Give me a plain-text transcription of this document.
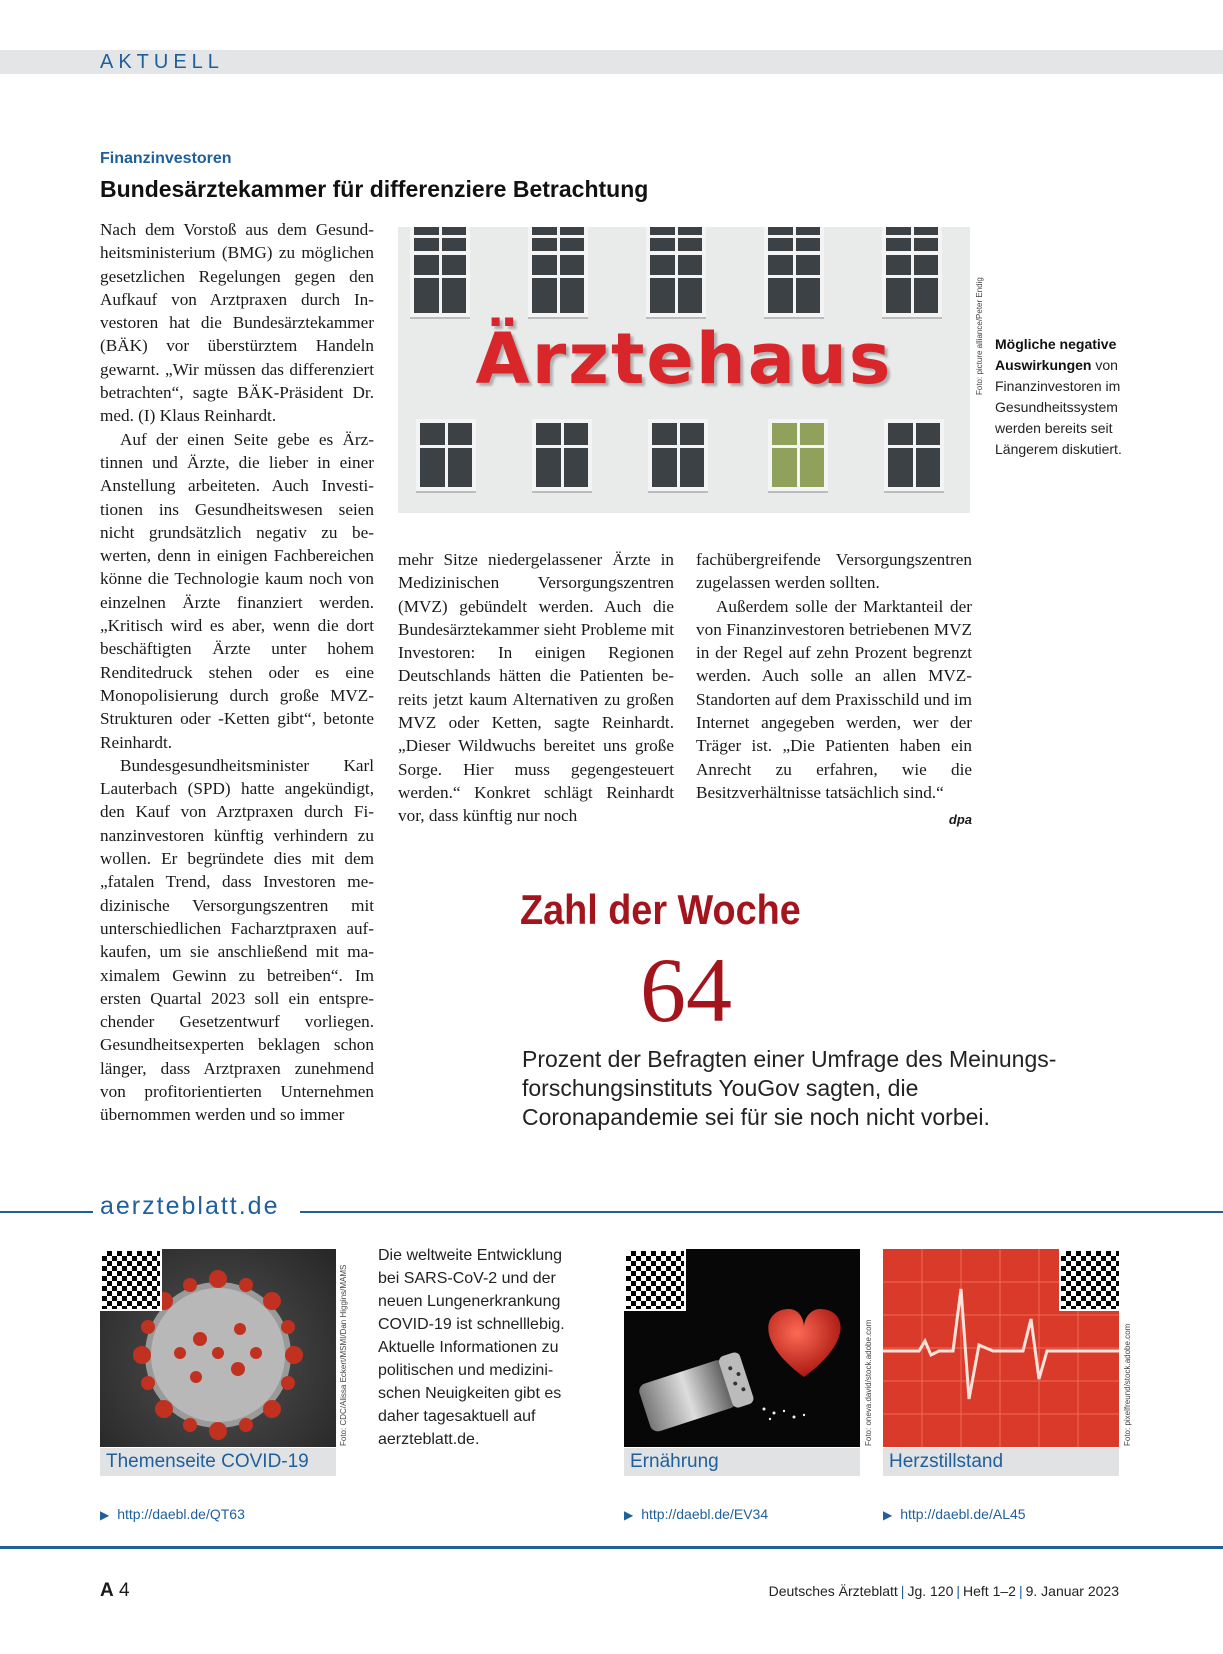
AKTUELL
Finanzinvestoren
Bundesärztekammer für differenziere Betrachtung

Nach dem Vorstoß aus dem Gesundheitsministerium (BMG) zu möglichen gesetzlichen Regelungen gegen den Aufkauf von Arztpraxen durch Investoren hat die Bundesärztekammer (BÄK) vor überstürztem Handeln gewarnt. „Wir müssen das differenziert betrachten“, sagte BÄK-Präsident Dr. med. (I) Klaus Reinhardt.

Auf der einen Seite gebe es Ärztinnen und Ärzte, die lieber in einer Anstellung arbeiteten. Auch Investitionen ins Gesundheitswesen seien nicht grundsätzlich negativ zu bewerten, denn in einigen Fachbereichen könne die Technologie kaum noch von einzelnen Ärzte finanziert werden. „Kritisch wird es aber, wenn die dort beschäftigten Ärzte unter hohem Renditedruck stehen oder es eine Monopolisierung durch große MVZ-Strukturen oder -Ketten gibt“, betonte Reinhardt.

Bundesgesundheitsminister Karl Lauterbach (SPD) hatte angekündigt, den Kauf von Arztpraxen durch Finanzinvestoren künftig verhindern zu wollen. Er begründete dies mit dem „fatalen Trend, dass Investoren medizinische Versorgungszentren mit unterschiedlichen Facharztpraxen aufkaufen, um sie anschließend mit maximalem Gewinn zu betreiben“. Im ersten Quartal 2023 soll ein entsprechender Gesetzentwurf vorliegen. Gesundheitsexperten beklagen schon länger, dass Arztpraxen zunehmend von profitorientierten Unternehmen übernommen werden und so immer

Ärztehaus	Foto: picture alliance/Peter Endig Mögliche negative Auswirkungen von Finanzinvestoren im Gesundheitssystem werden bereits seit Längerem diskutiert.

mehr Sitze niedergelassener Ärzte in Medizinischen Versorgungszentren (MVZ) gebündelt werden. Auch die Bundesärztekammer sieht Probleme mit Investoren: In einigen Regionen Deutschlands hätten die Patienten bereits jetzt kaum Alternativen zu großen MVZ oder Ketten, sagte Reinhardt. „Dieser Wildwuchs bereitet uns große Sorge. Hier muss gegengesteuert werden.“ Konkret schlägt Reinhardt vor, dass künftig nur noch

fachübergreifende Versorgungszentren zugelassen werden sollten.

Außerdem solle der Marktanteil der von Finanzinvestoren betriebenen MVZ in der Regel auf zehn Prozent begrenzt werden. Auch solle an allen MVZ-Standorten auf dem Praxisschild und im Internet angegeben werden, wer der Träger ist. „Die Patienten haben ein Anrecht zu erfahren, wie die Besitzverhältnisse tatsächlich sind.“
dpa

Zahl der Woche
64
Prozent der Befragten einer Umfrage des Meinungsforschungsinstituts YouGov sagten, die Coronapandemie sei für sie noch nicht vorbei.
aerzteblatt.de
Foto: CDC/Alissa Eckert/MSMI/Dan Higgins/MAMS
Themenseite COVID-19
▶ http://daebl.de/QT63
Die weltweite Entwicklung bei SARS-CoV-2 und der neuen Lungenerkrankung COVID-19 ist schnelllebig. Aktuelle Informationen zu politischen und medizinischen Neuigkeiten gibt es daher tagesaktuell auf aerzteblatt.de.	Foto: oneva.david/stock.adobe.com
Ernährung
▶ http://daebl.de/EV34
Foto: pixelfreund/stock.adobe.com
Herzstillstand
▶ http://daebl.de/AL45
A 4	Deutsches Ärzteblatt | Jg. 120 | Heft 1–2 | 9. Januar 2023
